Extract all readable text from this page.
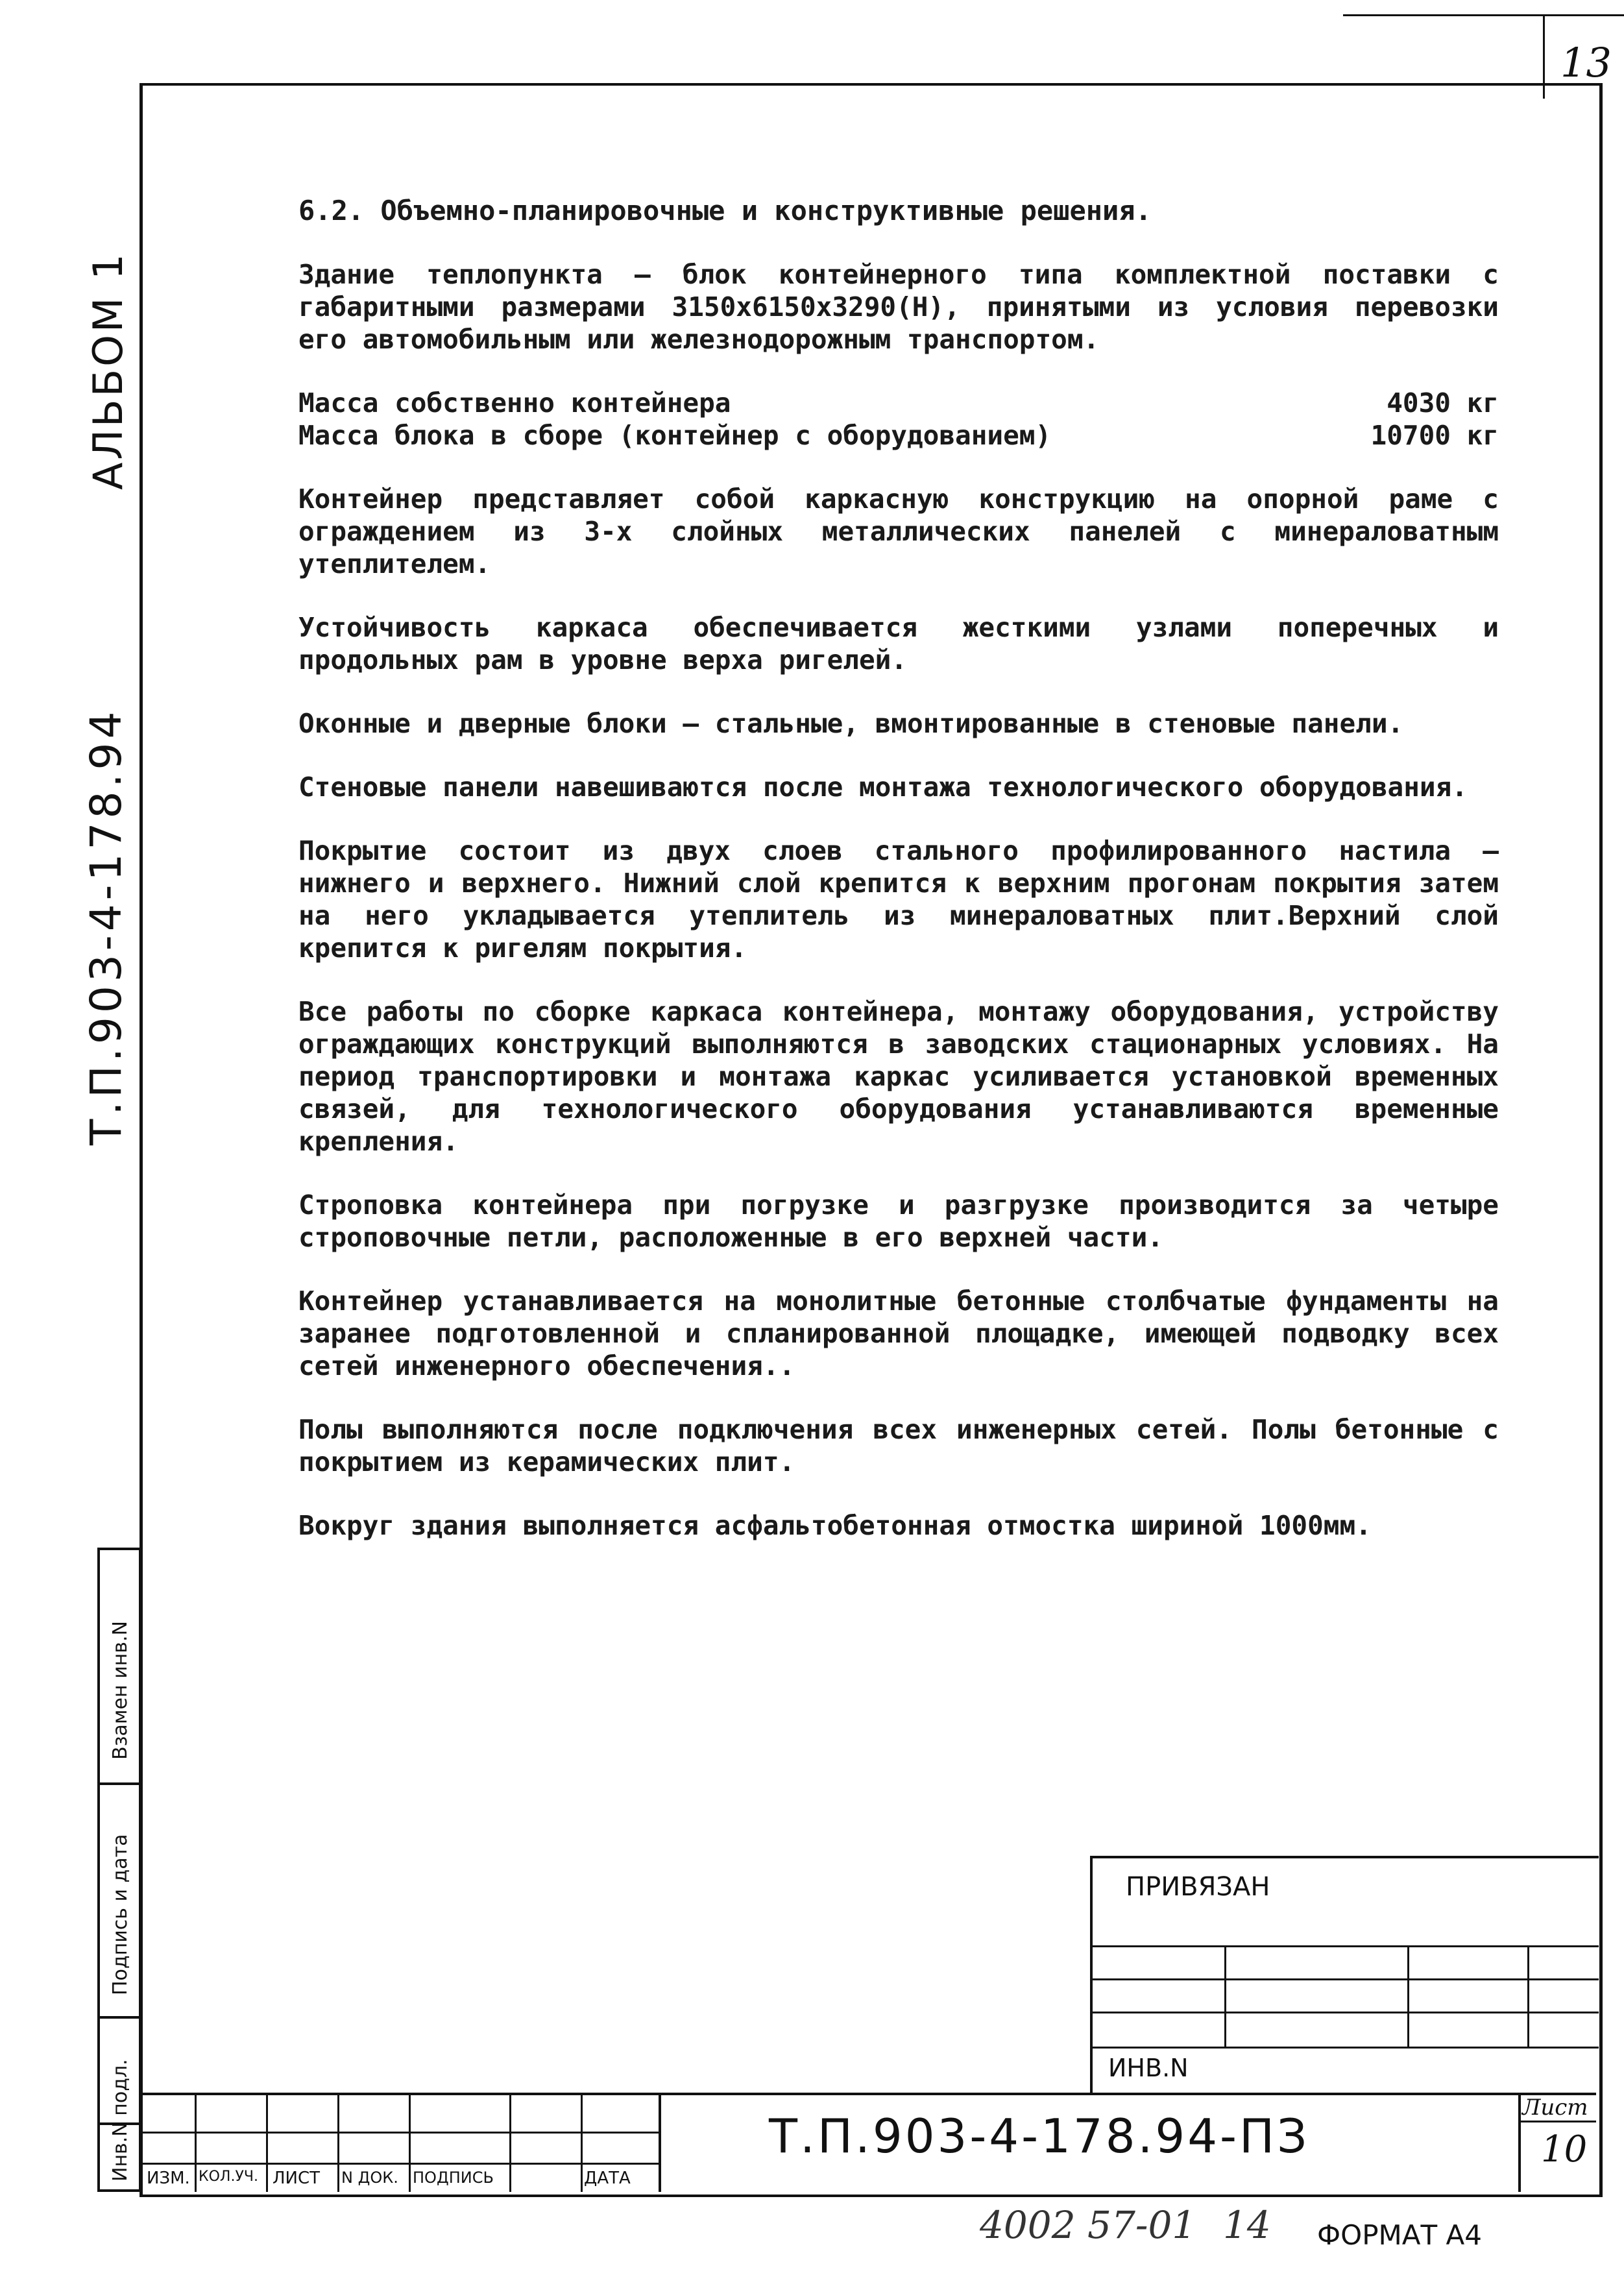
13
АЛЬБОМ 1
Т.П.903-4-178.94
Взамен инв.N
Подпись и дата
Инв.N подл.
6.2. Объемно-планировочные и конструктивные решения.

Здание теплопункта – блок контейнерного типа комплектной поставки с габаритными размерами 3150х6150х3290(Н), принятыми из условия перевозки его автомобильным или железнодорожным транспортом.

Масса собственно контейнера	4030 кг
Масса блока в сборе (контейнер с оборудованием)	10700 кг

Контейнер представляет собой каркасную конструкцию на опорной раме с ограждением из 3-х слойных металлических панелей с минераловатным утеплителем.

Устойчивость каркаса обеспечивается жесткими узлами поперечных и продольных рам в уровне верха ригелей.

Оконные и дверные блоки – стальные, вмонтированные в стеновые панели.

Стеновые панели навешиваются после монтажа технологического оборудования.

Покрытие состоит из двух слоев стального профилированного настила – нижнего и верхнего. Нижний слой крепится к верхним прогонам покрытия затем на него укладывается утеплитель из минераловатных плит.Верхний слой крепится к ригелям покрытия.

Все работы по сборке каркаса контейнера, монтажу оборудования, устройству ограждающих конструкций выполняются в заводских стационарных условиях. На период транспортировки и монтажа каркас усиливается установкой временных связей, для технологического оборудования устанавливаются временные крепления.

Строповка контейнера при погрузке и разгрузке производится за четыре строповочные петли, расположенные в его верхней части.

Контейнер устанавливается на монолитные бетонные столбчатые фундаменты на заранее подготовленной и спланированной площадке, имеющей подводку всех сетей инженерного обеспечения..

Полы выполняются после подключения всех инженерных сетей. Полы бетонные с покрытием из керамических плит.

Вокруг здания выполняется асфальтобетонная отмостка шириной 1000мм.

ПРИВЯЗАН
ИНВ.N
ИЗМ. КОЛ.УЧ. ЛИСТ N ДОК. ПОДПИСЬ	ДАТА
Т.П.903-4-178.94-ПЗ
Лист
10
4002 57-01 14 ФОРМАТ А4
